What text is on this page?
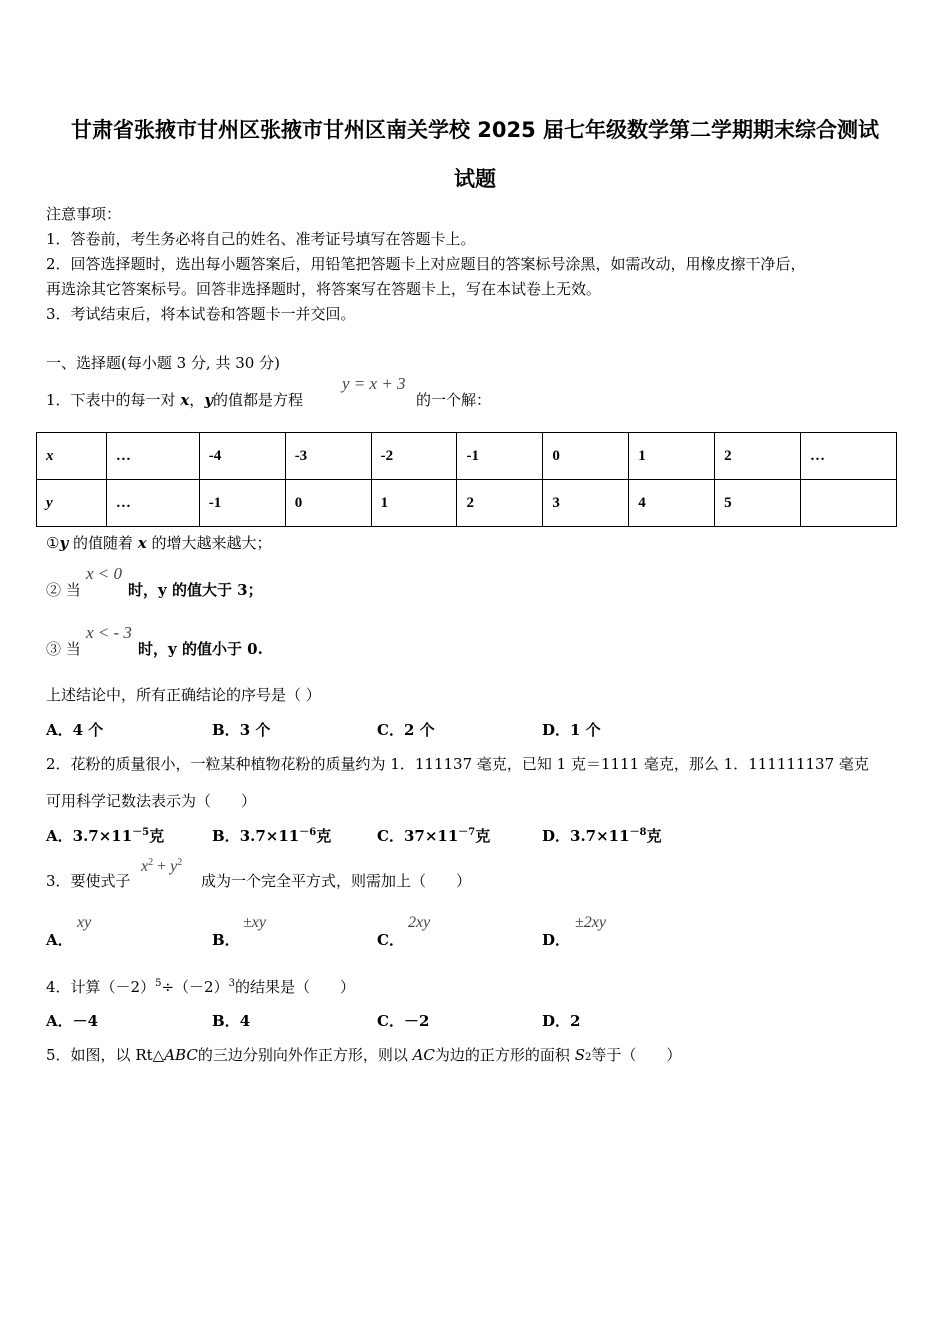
甘肃省张掖市甘州区张掖市甘州区南关学校 2025 届七年级数学第二学期期末综合测试
试题
注意事项：
1．答卷前，考生务必将自己的姓名、准考证号填写在答题卡上。
2．回答选择题时，选出每小题答案后，用铅笔把答题卡上对应题目的答案标号涂黑，如需改动，用橡皮擦干净后，
再选涂其它答案标号。回答非选择题时，将答案写在答题卡上，写在本试卷上无效。
3．考试结束后，将本试卷和答题卡一并交回。
一、选择题(每小题 3 分, 共 30 分)
1．下表中的每一对 x，y的值都是方程
y = x + 3
的一个解：
x	…	-4	-3	-2	-1	0	1	2	…
y	…	-1	0	1	2	3	4	5	
①y 的值随着 x 的增大越来越大；
② 当
x < 0
时，y 的值大于 3；
③ 当
x < - 3
时，y 的值小于 0.
上述结论中，所有正确结论的序号是（ ）
A．4 个	B．3 个	C．2 个	D．1 个
2．花粉的质量很小，一粒某种植物花粉的质量约为 1．111137 毫克，已知 1 克＝1111 毫克，那么 1．111111137 毫克
可用科学记数法表示为（　　）
A．$3.7\times 11^{-5}$克	B．$3.7\times 11^{-6}$克	C．$37\times 11^{-7}$克	D．$3.7\times 11^{-8}$克
3．要使式子
$x^2 + y^2$
成为一个完全平方式，则需加上（　　）
A．
xy
B．
±xy
C．
2xy
D．
±2xy
4．计算$(-2)^5\div(-2)^3$的结果是（　　）
A．－4	B．4	C．－2	D．2
5．如图，以 Rt△ABC的三边分别向外作正方形，则以 AC为边的正方形的面积 S2等于（　　）
